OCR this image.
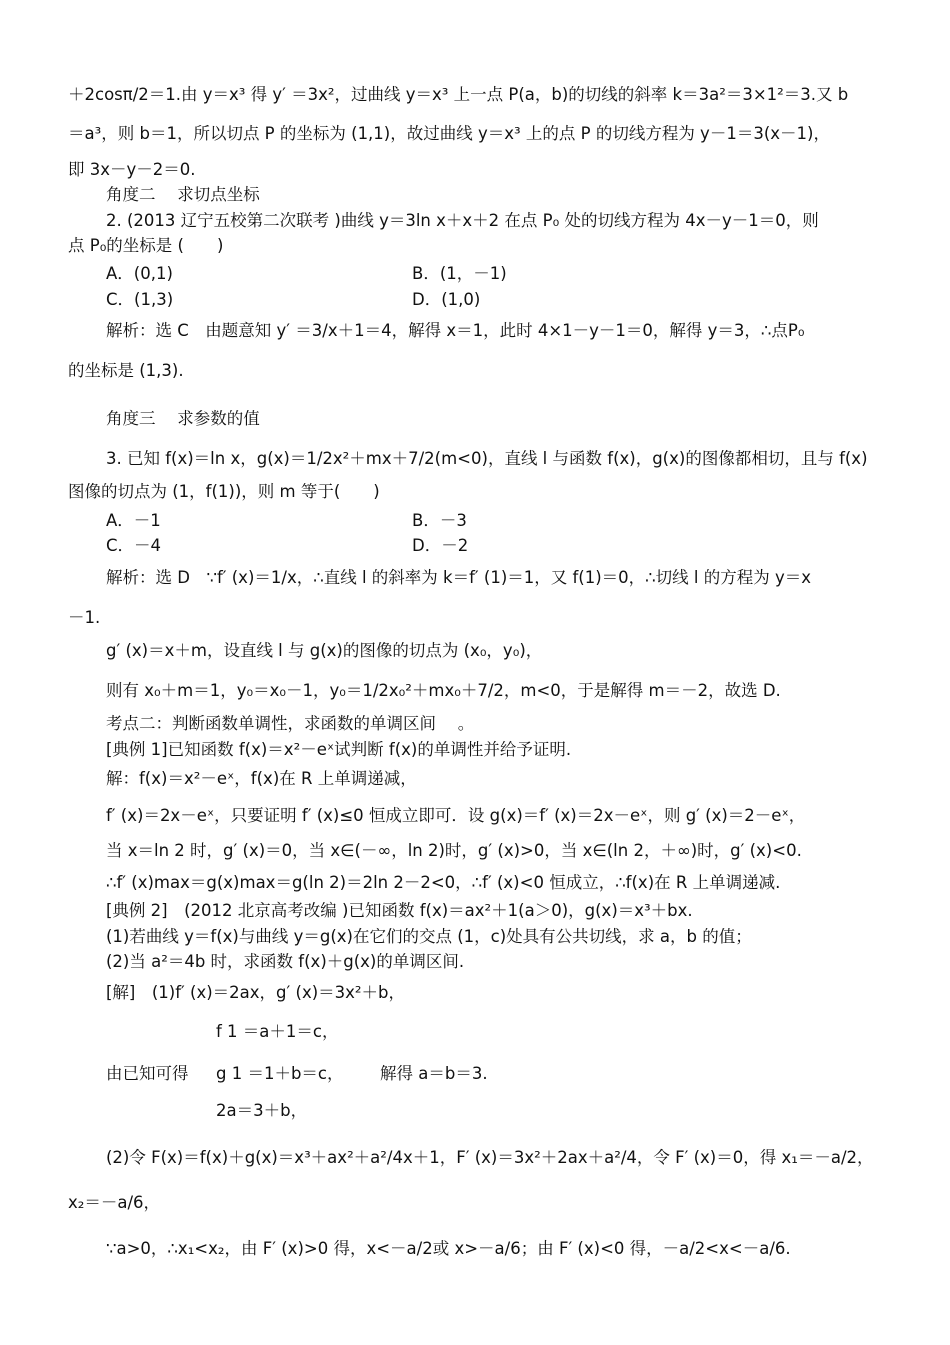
＋2cosπ/2＝1.由 y＝x³ 得 y′ ＝3x²，过曲线 y＝x³ 上一点 P(a，b)的切线的斜率 k＝3a²＝3×1²＝3.又 b
＝a³，则 b＝1，所以切点 P 的坐标为 (1,1)，故过曲线 y＝x³ 上的点 P 的切线方程为 y－1＝3(x－1)，
即 3x－y－2＝0.
角度二　 求切点坐标
2. (2013 辽宁五校第二次联考 )曲线 y＝3ln x＋x＋2 在点 P₀ 处的切线方程为 4x－y－1＝0，则
点 P₀的坐标是 (　　)
A．(0,1)	B．(1，－1)
C．(1,3)	D．(1,0)
解析：选 C　由题意知 y′ ＝3/x＋1＝4，解得 x＝1，此时 4×1－y－1＝0，解得 y＝3，∴点P₀
的坐标是 (1,3).
角度三　 求参数的值
3. 已知 f(x)＝ln x，g(x)＝1/2x²＋mx＋7/2(m<0)，直线 l 与函数 f(x)，g(x)的图像都相切，且与 f(x)
图像的切点为 (1，f(1))，则 m 等于(　　)
A．－1	B．－3
C．－4	D．－2
解析：选 D　∵f′ (x)＝1/x，∴直线 l 的斜率为 k＝f′ (1)＝1，又 f(1)＝0，∴切线 l 的方程为 y＝x
－1.
g′ (x)＝x＋m，设直线 l 与 g(x)的图像的切点为 (x₀，y₀)，
则有 x₀＋m＝1，y₀＝x₀－1，y₀＝1/2x₀²＋mx₀＋7/2，m<0，于是解得 m＝－2，故选 D.
考点二：判断函数单调性，求函数的单调区间　 。
[典例 1]已知函数 f(x)＝x²－eˣ试判断 f(x)的单调性并给予证明.
解：f(x)＝x²－eˣ，f(x)在 R 上单调递减，
f′ (x)＝2x－eˣ，只要证明 f′ (x)≤0 恒成立即可．设 g(x)＝f′ (x)＝2x－eˣ，则 g′ (x)＝2－eˣ，
当 x＝ln 2 时，g′ (x)＝0，当 x∈(－∞，ln 2)时，g′ (x)>0，当 x∈(ln 2，＋∞)时，g′ (x)<0.
∴f′ (x)max＝g(x)max＝g(ln 2)＝2ln 2－2<0，∴f′ (x)<0 恒成立，∴f(x)在 R 上单调递减.
[典例 2]　(2012 北京高考改编 )已知函数 f(x)＝ax²＋1(a＞0)，g(x)＝x³＋bx.
(1)若曲线 y＝f(x)与曲线 y＝g(x)在它们的交点 (1，c)处具有公共切线，求 a，b 的值；
(2)当 a²＝4b 时，求函数 f(x)＋g(x)的单调区间.
[解]　(1)f′ (x)＝2ax，g′ (x)＝3x²＋b，
f 1 ＝a＋1＝c，
由已知可得 g 1 ＝1＋b＝c， 解得 a＝b＝3.
2a＝3＋b，
(2)令 F(x)＝f(x)＋g(x)＝x³＋ax²＋a²/4x＋1，F′ (x)＝3x²＋2ax＋a²/4，令 F′ (x)＝0，得 x₁＝－a/2，
x₂＝－a/6，
∵a>0，∴x₁<x₂，由 F′ (x)>0 得，x<－a/2或 x>－a/6；由 F′ (x)<0 得，－a/2<x<－a/6.
